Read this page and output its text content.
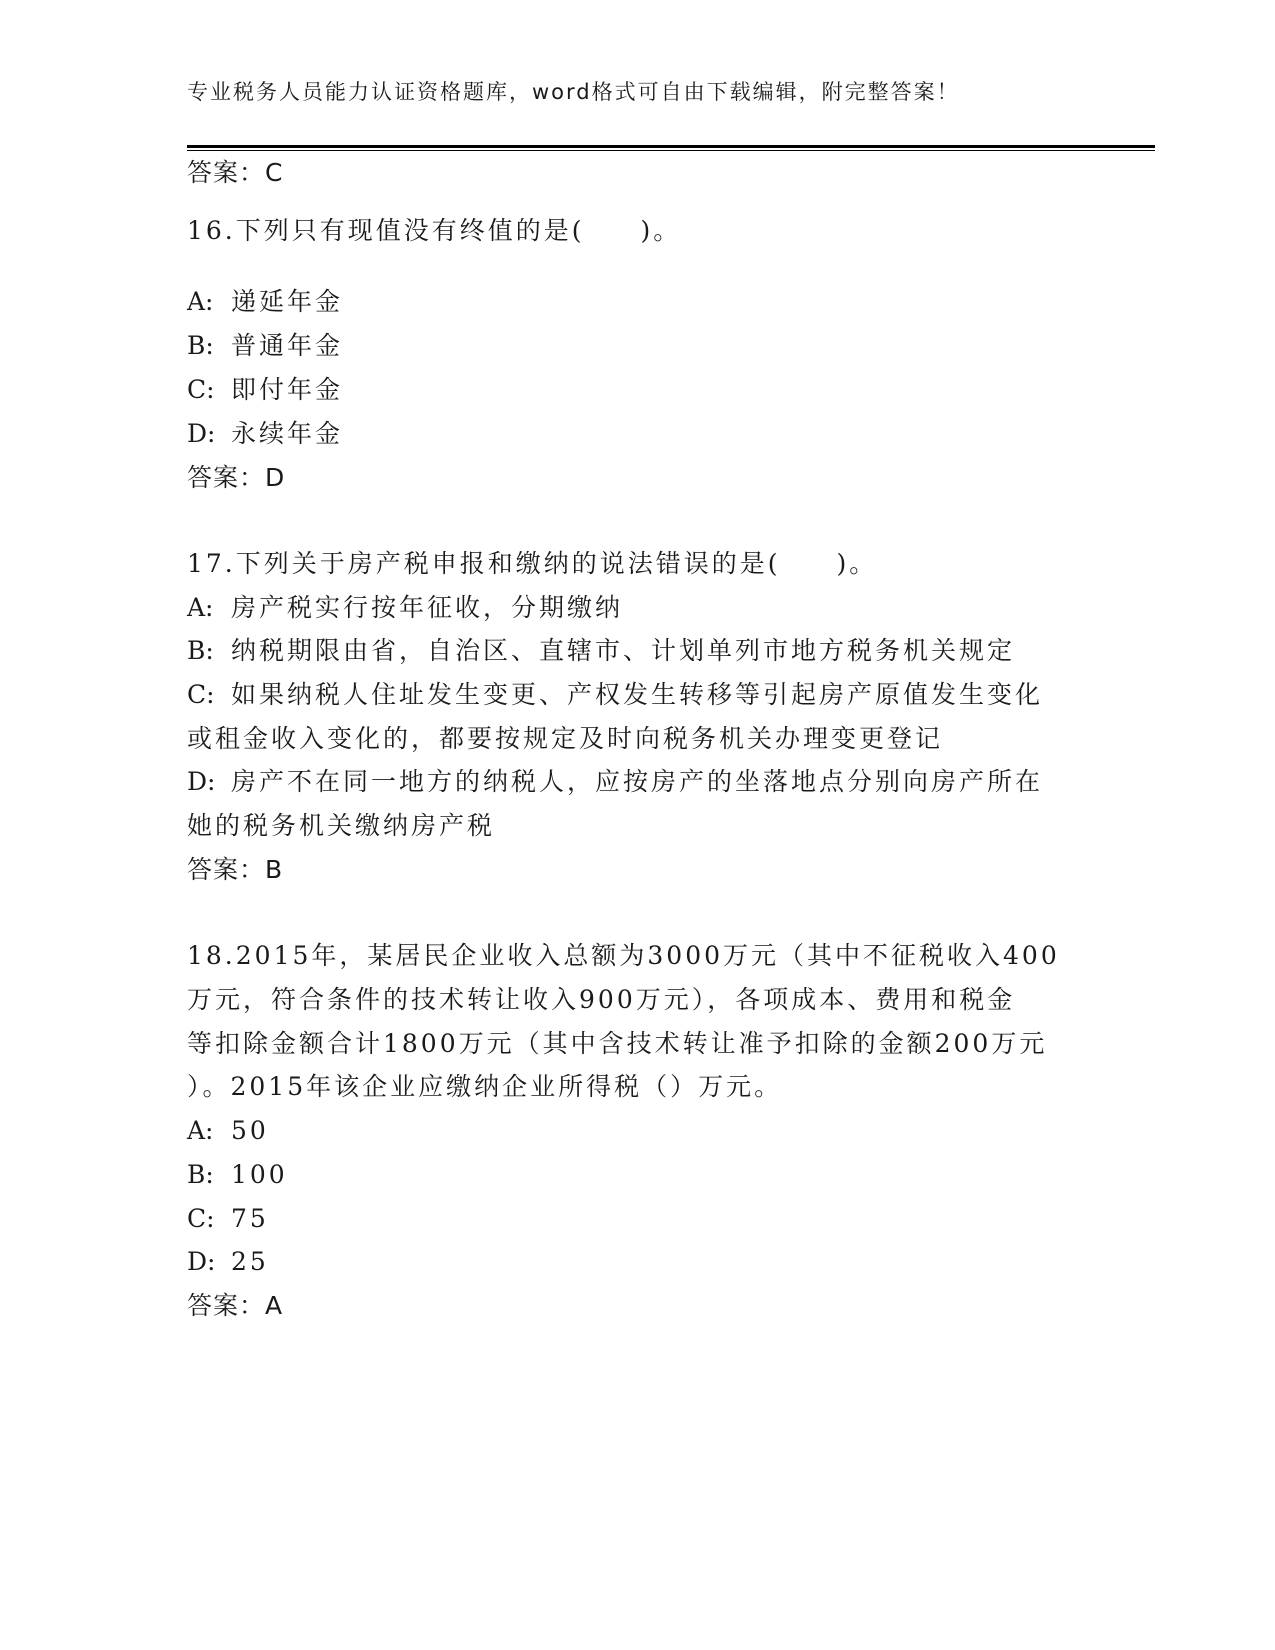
专业税务人员能力认证资格题库，word格式可自由下载编辑，附完整答案！
答案：C
16.下列只有现值没有终值的是(　　)。
A: 递延年金
B: 普通年金
C: 即付年金
D: 永续年金
答案：D
17.下列关于房产税申报和缴纳的说法错误的是(　　)。
A: 房产税实行按年征收，分期缴纳
B: 纳税期限由省，自治区、直辖市、计划单列市地方税务机关规定
C: 如果纳税人住址发生变更、产权发生转移等引起房产原值发生变化
或租金收入变化的，都要按规定及时向税务机关办理变更登记
D: 房产不在同一地方的纳税人，应按房产的坐落地点分别向房产所在
她的税务机关缴纳房产税
答案：B
18.2015年，某居民企业收入总额为3000万元（其中不征税收入400
万元，符合条件的技术转让收入900万元），各项成本、费用和税金
等扣除金额合计1800万元（其中含技术转让准予扣除的金额200万元
）。2015年该企业应缴纳企业所得税（）万元。
A: 50
B: 100
C: 75
D: 25
答案：A
